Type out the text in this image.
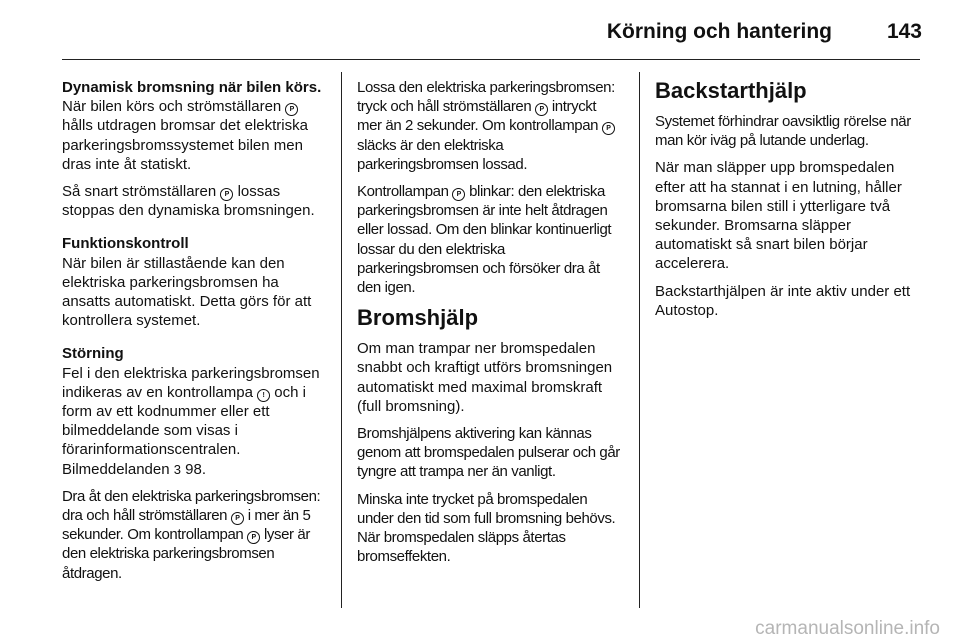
Körning och hantering	143
Dynamisk bromsning när bilen körs.

När bilen körs och strömställaren P hålls utdragen bromsar det elektriska parkeringsbromssystemet bilen men dras inte åt statiskt.

Så snart strömställaren P lossas stoppas den dynamiska bromsningen.

Funktionskontroll

När bilen är stillastående kan den elektriska parkeringsbromsen ha ansatts automatiskt. Detta görs för att kontrollera systemet.

Störning

Fel i den elektriska parkeringsbromsen indikeras av en kontrollampa ! och i form av ett kodnummer eller ett bilmeddelande som visas i förarinformationscentralen. Bilmeddelanden 3 98.

Dra åt den elektriska parkeringsbromsen: dra och håll strömställaren P i mer än 5 sekunder. Om kontrollampan P lyser är den elektriska parkeringsbromsen åtdragen.

Lossa den elektriska parkeringsbromsen: tryck och håll strömställaren P intryckt mer än 2 sekunder. Om kontrollampan P släcks är den elektriska parkeringsbromsen lossad.

Kontrollampan P blinkar: den elektriska parkeringsbromsen är inte helt åtdragen eller lossad. Om den blinkar kontinuerligt lossar du den elektriska parkeringsbromsen och försöker dra åt den igen.

Bromshjälp

Om man trampar ner bromspedalen snabbt och kraftigt utförs bromsningen automatiskt med maximal bromskraft (full bromsning).

Bromshjälpens aktivering kan kännas genom att bromspedalen pulserar och går tyngre att trampa ner än vanligt.

Minska inte trycket på bromspedalen under den tid som full bromsning behövs. När bromspedalen släpps återtas bromseffekten.

Backstarthjälp

Systemet förhindrar oavsiktlig rörelse när man kör iväg på lutande underlag.

När man släpper upp bromspedalen efter att ha stannat i en lutning, håller bromsarna bilen still i ytterligare två sekunder. Bromsarna släpper automatiskt så snart bilen börjar accelerera.

Backstarthjälpen är inte aktiv under ett Autostop.

carmanualsonline.info
